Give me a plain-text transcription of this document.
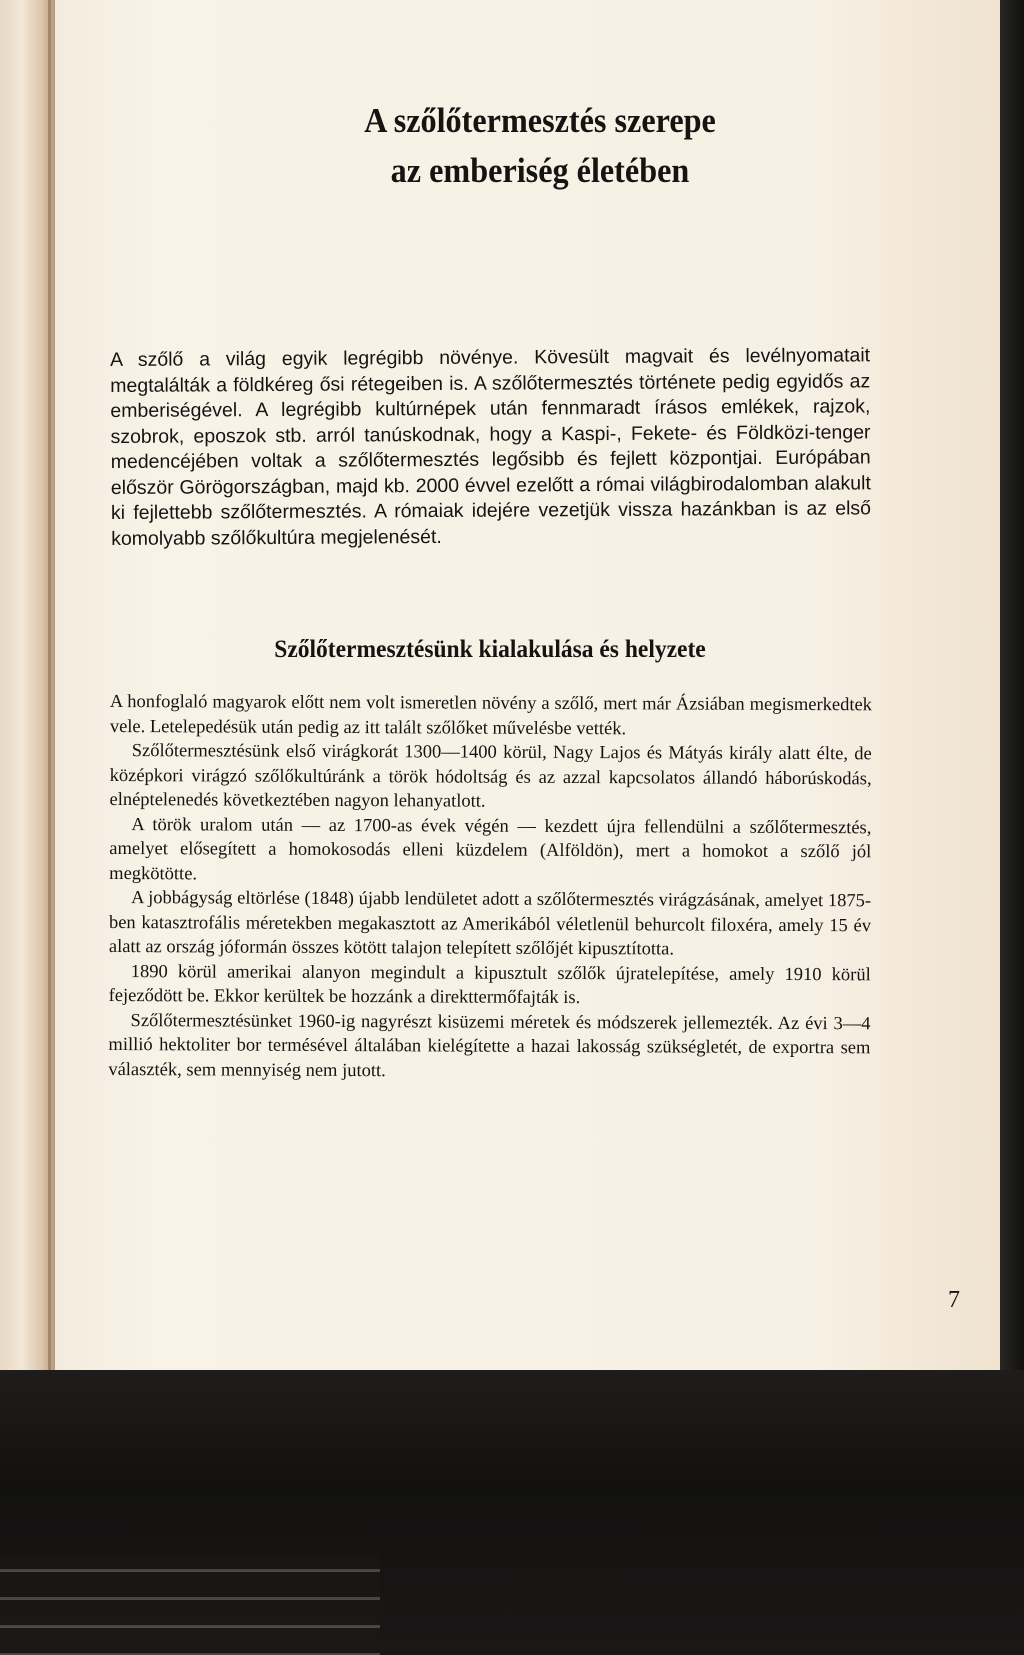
A szőlőtermesztés szerepe
az emberiség életében

A szőlő a világ egyik legrégibb növénye. Kövesült magvait és levélnyomatait megtalálták a földkéreg ősi rétegeiben is. A szőlőtermesztés története pedig egyidős az emberiségével. A legrégibb kultúrnépek után fennmaradt írásos emlékek, rajzok, szobrok, eposzok stb. arról tanúskodnak, hogy a Kaspi-, Fekete- és Földközi-tenger medencéjében voltak a szőlőtermesztés legősibb és fejlett központjai. Európában először Görögországban, majd kb. 2000 évvel ezelőtt a római világbirodalomban alakult ki fejlettebb szőlőtermesztés. A rómaiak idejére vezetjük vissza hazánkban is az első komolyabb szőlőkultúra megjelenését.

Szőlőtermesztésünk kialakulása és helyzete

A honfoglaló magyarok előtt nem volt ismeretlen növény a szőlő, mert már Ázsiában megismerkedtek vele. Letelepedésük után pedig az itt talált szőlőket művelésbe vették.

Szőlőtermesztésünk első virágkorát 1300—1400 körül, Nagy Lajos és Mátyás király alatt élte, de középkori virágzó szőlőkultúránk a török hódoltság és az azzal kapcsolatos állandó háborúskodás, elnéptelenedés következtében nagyon lehanyatlott.

A török uralom után — az 1700-as évek végén — kezdett újra fellendülni a szőlőtermesztés, amelyet elősegített a homokosodás elleni küzdelem (Alföldön), mert a homokot a szőlő jól megkötötte.

A jobbágyság eltörlése (1848) újabb lendületet adott a szőlőtermesztés virágzásának, amelyet 1875-ben katasztrofális méretekben megakasztott az Amerikából véletlenül behurcolt filoxéra, amely 15 év alatt az ország jóformán összes kötött talajon telepített szőlőjét kipusztította.

1890 körül amerikai alanyon megindult a kipusztult szőlők újratelepítése, amely 1910 körül fejeződött be. Ekkor kerültek be hozzánk a direkttermőfajták is.

Szőlőtermesztésünket 1960-ig nagyrészt kisüzemi méretek és módszerek jellemezték. Az évi 3—4 millió hektoliter bor termésével általában kielégítette a hazai lakosság szükségletét, de exportra sem választék, sem mennyiség nem jutott.

7
